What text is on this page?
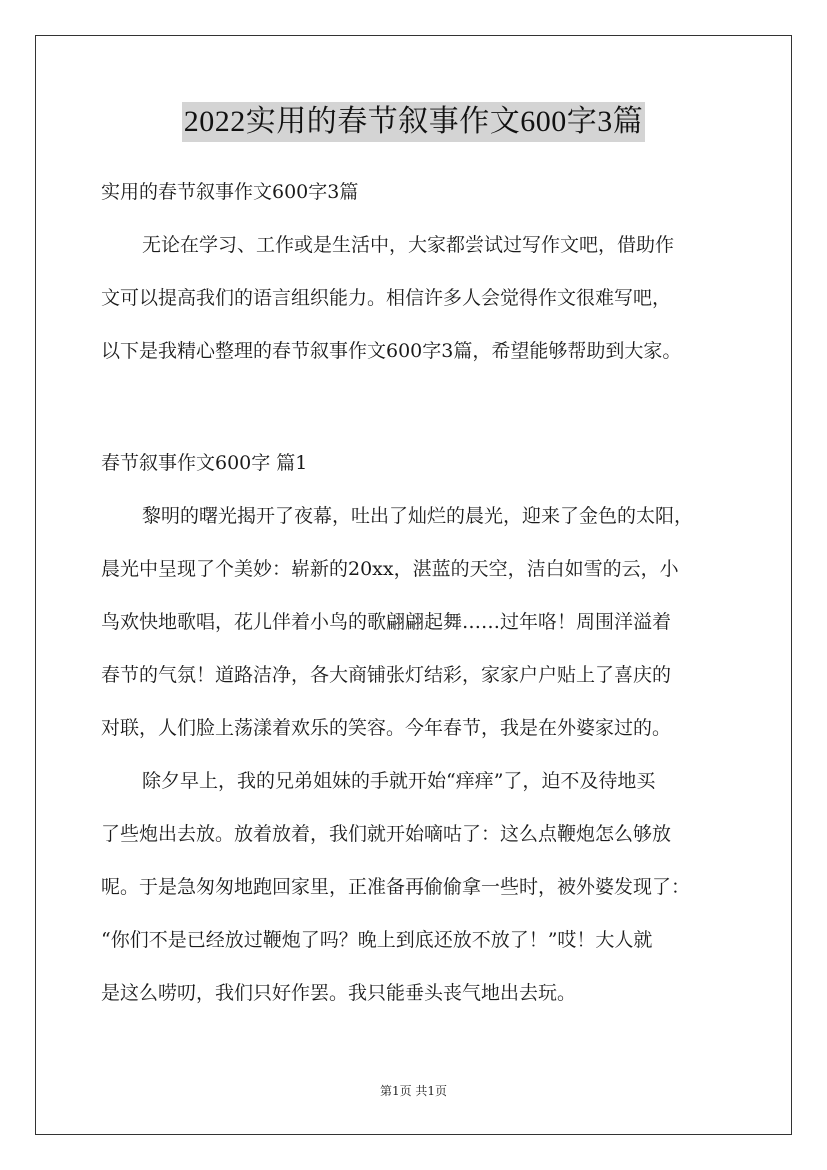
2022实用的春节叙事作文600字3篇
实用的春节叙事作文600字3篇
无论在学习、工作或是生活中，大家都尝试过写作文吧，借助作
文可以提高我们的语言组织能力。相信许多人会觉得作文很难写吧，
以下是我精心整理的春节叙事作文600字3篇，希望能够帮助到大家。
春节叙事作文600字 篇1
黎明的曙光揭开了夜幕，吐出了灿烂的晨光，迎来了金色的太阳，
晨光中呈现了个美妙：崭新的20xx，湛蓝的天空，洁白如雪的云，小
鸟欢快地歌唱，花儿伴着小鸟的歌翩翩起舞……过年咯！周围洋溢着
春节的气氛！道路洁净，各大商铺张灯结彩，家家户户贴上了喜庆的
对联，人们脸上荡漾着欢乐的笑容。今年春节，我是在外婆家过的。
除夕早上，我的兄弟姐妹的手就开始“痒痒”了，迫不及待地买
了些炮出去放。放着放着，我们就开始嘀咕了：这么点鞭炮怎么够放
呢。于是急匆匆地跑回家里，正准备再偷偷拿一些时，被外婆发现了：
“你们不是已经放过鞭炮了吗？晚上到底还放不放了！”哎！大人就
是这么唠叨，我们只好作罢。我只能垂头丧气地出去玩。
第1页 共1页
